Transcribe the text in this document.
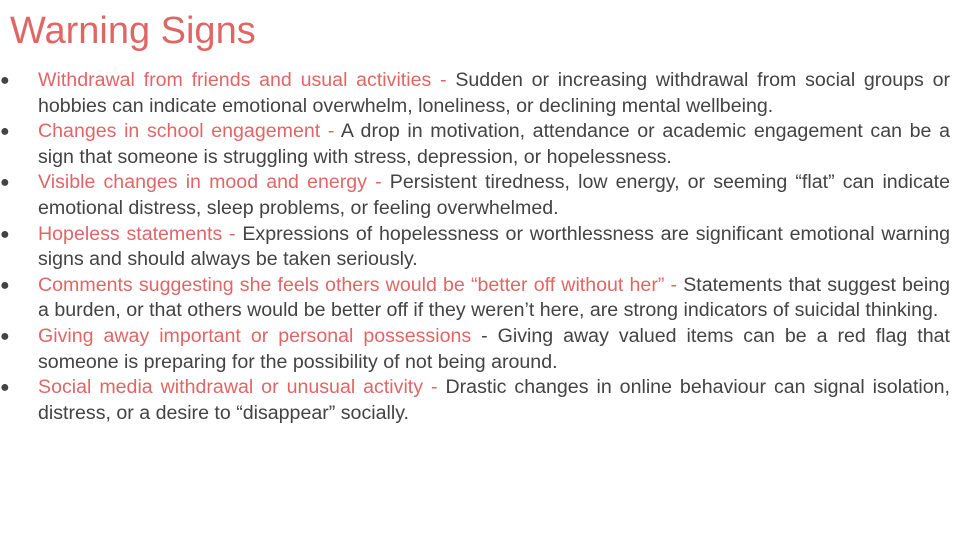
Warning Signs
●	Withdrawal from friends and usual activities - Sudden or increasing withdrawal from social groups or hobbies can indicate emotional overwhelm, loneliness, or declining mental wellbeing.
●	Changes in school engagement - A drop in motivation, attendance or academic engagement can be a sign that someone is struggling with stress, depression, or hopelessness.
●	Visible changes in mood and energy - Persistent tiredness, low energy, or seeming “flat” can indicate emotional distress, sleep problems, or feeling overwhelmed.
●	Hopeless statements - Expressions of hopelessness or worthlessness are significant emotional warning signs and should always be taken seriously.
●	Comments suggesting she feels others would be “better off without her” - Statements that suggest being a burden, or that others would be better off if they weren’t here, are strong indicators of suicidal thinking.
●	Giving away important or personal possessions - Giving away valued items can be a red flag that someone is preparing for the possibility of not being around.
●	Social media withdrawal or unusual activity - Drastic changes in online behaviour can signal isolation, distress, or a desire to “disappear” socially.
